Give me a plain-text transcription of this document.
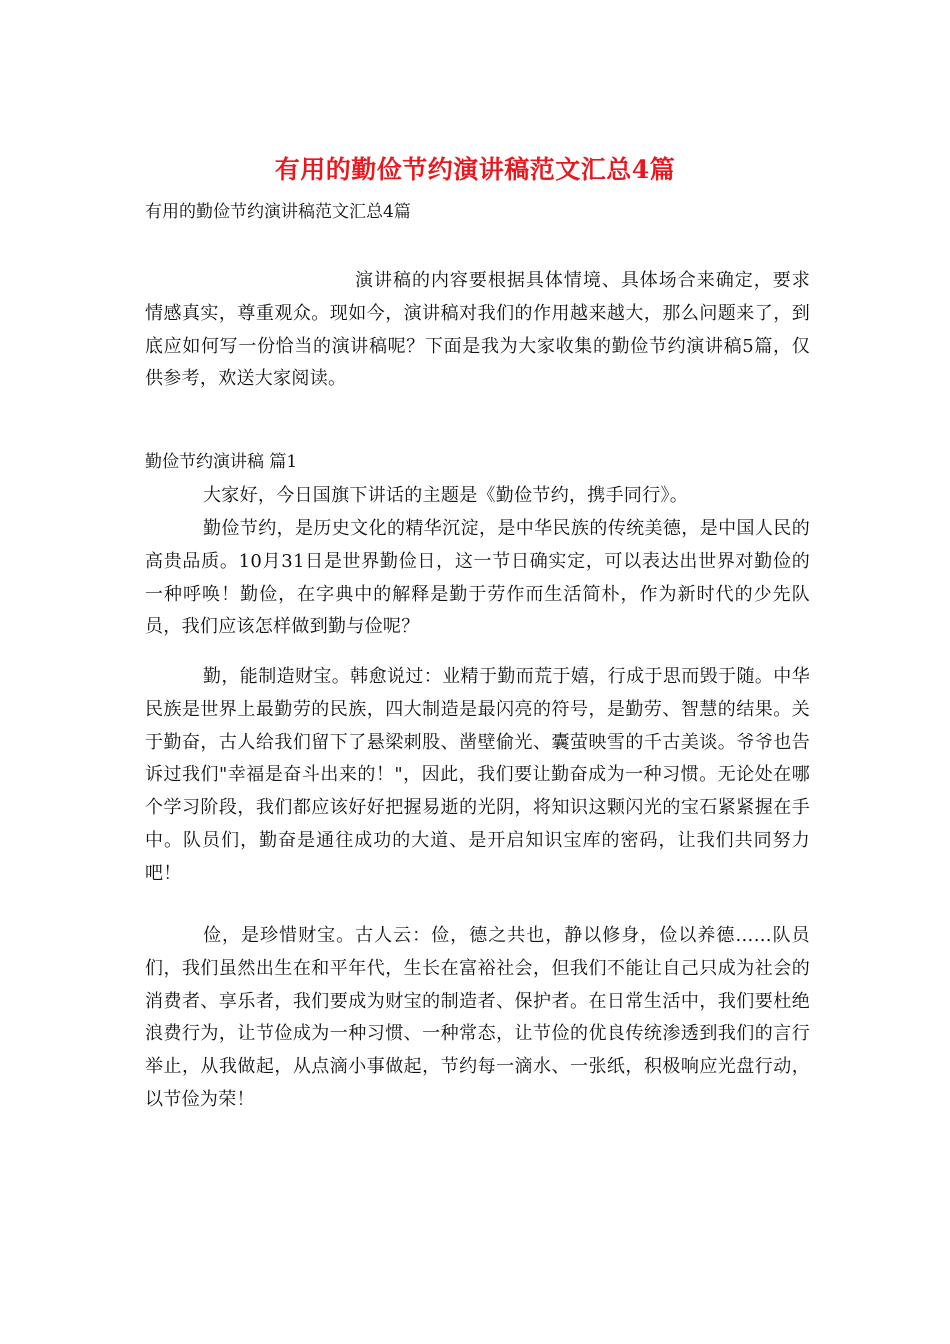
有用的勤俭节约演讲稿范文汇总4篇
有用的勤俭节约演讲稿范文汇总4篇

演讲稿的内容要根据具体情境、具体场合来确定，要求情感真实，尊重观众。现如今，演讲稿对我们的作用越来越大，那么问题来了，到底应如何写一份恰当的演讲稿呢？下面是我为大家收集的勤俭节约演讲稿5篇，仅供参考，欢送大家阅读。

勤俭节约演讲稿 篇1

大家好，今日国旗下讲话的主题是《勤俭节约，携手同行》。

勤俭节约，是历史文化的精华沉淀，是中华民族的传统美德，是中国人民的高贵品质。10月31日是世界勤俭日，这一节日确实定，可以表达出世界对勤俭的一种呼唤！勤俭，在字典中的解释是勤于劳作而生活简朴，作为新时代的少先队员，我们应该怎样做到勤与俭呢？

勤，能制造财宝。韩愈说过：业精于勤而荒于嬉，行成于思而毁于随。中华民族是世界上最勤劳的民族，四大制造是最闪亮的符号，是勤劳、智慧的结果。关于勤奋，古人给我们留下了悬梁刺股、凿壁偷光、囊萤映雪的千古美谈。爷爷也告诉过我们"幸福是奋斗出来的！"，因此，我们要让勤奋成为一种习惯。无论处在哪个学习阶段，我们都应该好好把握易逝的光阴，将知识这颗闪光的宝石紧紧握在手中。队员们，勤奋是通往成功的大道、是开启知识宝库的密码，让我们共同努力吧！

俭，是珍惜财宝。古人云：俭，德之共也，静以修身，俭以养德……队员们，我们虽然出生在和平年代，生长在富裕社会，但我们不能让自己只成为社会的消费者、享乐者，我们要成为财宝的制造者、保护者。在日常生活中，我们要杜绝浪费行为，让节俭成为一种习惯、一种常态，让节俭的优良传统渗透到我们的言行举止，从我做起，从点滴小事做起，节约每一滴水、一张纸，积极响应光盘行动，以节俭为荣！
